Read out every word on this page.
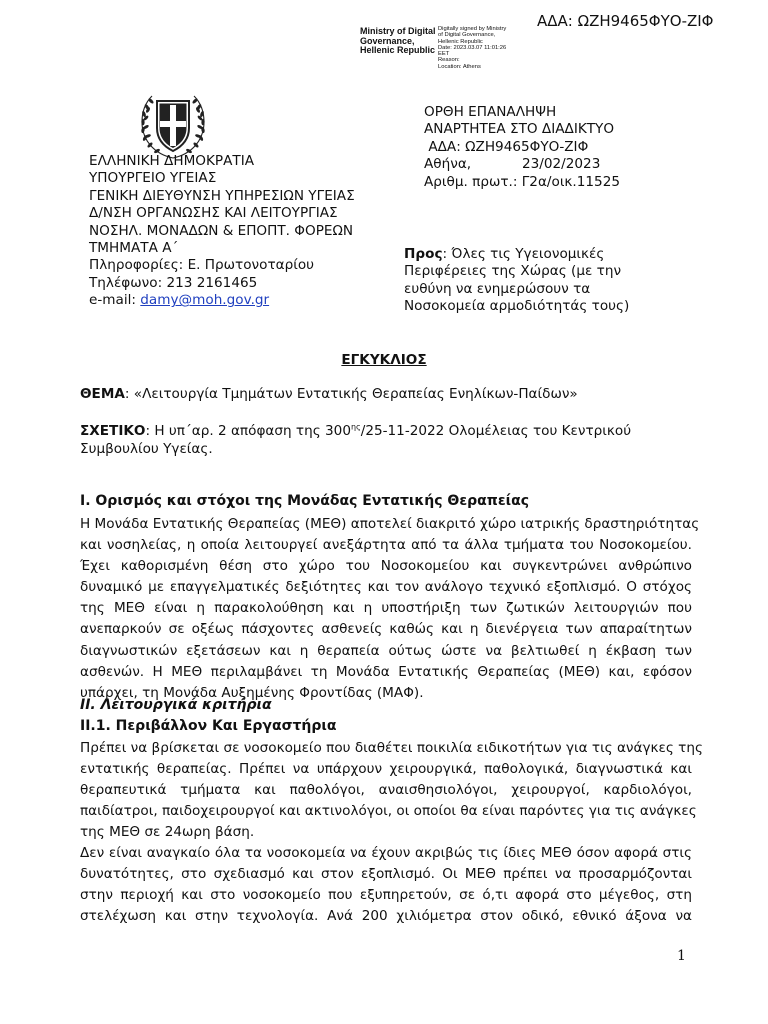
ΑΔΑ: ΩΖΗ9465ΦΥΟ-ΖΙΦ
Ministry of Digital
Governance,
Hellenic Republic
Digitally signed by Ministry
of Digital Governance,
Hellenic Republic
Date: 2023.03.07 11:01:26
EET
Reason:
Location: Athens
ΕΛΛΗΝΙΚΗ ΔΗΜΟΚΡΑΤΙΑ
ΥΠΟΥΡΓΕΙΟ ΥΓΕΙΑΣ
ΓΕΝΙΚΗ ΔΙΕΥΘΥΝΣΗ ΥΠΗΡΕΣΙΩΝ ΥΓΕΙΑΣ
Δ/ΝΣΗ ΟΡΓΑΝΩΣΗΣ ΚΑΙ ΛΕΙΤΟΥΡΓΙΑΣ
ΝΟΣΗΛ. ΜΟΝΑΔΩΝ & ΕΠΟΠΤ. ΦΟΡΕΩΝ
ΤΜΗΜΑΤΑ Α΄
Πληροφορίες: Ε. Πρωτονοταρίου
Τηλέφωνο: 213 2161465
e-mail: damy@moh.gov.gr
ΟΡΘΗ ΕΠΑΝΑΛΗΨΗ
ΑΝΑΡΤΗΤΕΑ ΣΤΟ ΔΙΑΔΙΚΤΥΟ
ΑΔΑ: ΩΖΗ9465ΦΥΟ-ΖΙΦ
Αθήνα,	23/02/2023
Αριθμ. πρωτ.: Γ2α/οικ.11525
Προς: Όλες τις Υγειονομικές
Περιφέρειες της Χώρας (με την
ευθύνη να ενημερώσουν τα
Νοσοκομεία αρμοδιότητάς τους)
ΕΓΚΥΚΛΙΟΣ
ΘΕΜΑ: «Λειτουργία Τμημάτων Εντατικής Θεραπείας Ενηλίκων-Παίδων»
ΣΧΕΤΙΚΟ: Η υπ΄αρ. 2 απόφαση της $300^{\eta\varsigma}/25-11-2022$ Ολομέλειας του Κεντρικού
Συμβουλίου Υγείας.
Ι. Ορισμός και στόχοι της Μονάδας Εντατικής Θεραπείας
Η Μονάδα Εντατικής Θεραπείας (ΜΕΘ) αποτελεί διακριτό χώρο ιατρικής δραστηριότητας
και νοσηλείας, η οποία λειτουργεί ανεξάρτητα από τα άλλα τμήματα του Νοσοκομείου.
Έχει καθορισμένη θέση στο χώρο του Νοσοκομείου και συγκεντρώνει ανθρώπινο
δυναμικό με επαγγελματικές δεξιότητες και τον ανάλογο τεχνικό εξοπλισμό. Ο στόχος
της ΜΕΘ είναι η παρακολούθηση και η υποστήριξη των ζωτικών λειτουργιών που
ανεπαρκούν σε οξέως πάσχοντες ασθενείς καθώς και η διενέργεια των απαραίτητων
διαγνωστικών εξετάσεων και η θεραπεία ούτως ώστε να βελτιωθεί η έκβαση των
ασθενών. Η ΜΕΘ περιλαμβάνει τη Μονάδα Εντατικής Θεραπείας (ΜΕΘ) και, εφόσον
υπάρχει, τη Μονάδα Αυξημένης Φροντίδας (ΜΑΦ).
ΙΙ. Λειτουργικά κριτήρια
ΙΙ.1. Περιβάλλον Και Εργαστήρια
Πρέπει να βρίσκεται σε νοσοκομείο που διαθέτει ποικιλία ειδικοτήτων για τις ανάγκες της
εντατικής θεραπείας. Πρέπει να υπάρχουν χειρουργικά, παθολογικά, διαγνωστικά και
θεραπευτικά τμήματα και παθολόγοι, αναισθησιολόγοι, χειρουργοί, καρδιολόγοι,
παιδίατροι, παιδοχειρουργοί και ακτινολόγοι, οι οποίοι θα είναι παρόντες για τις ανάγκες
της ΜΕΘ σε 24ωρη βάση.
Δεν είναι αναγκαίο όλα τα νοσοκομεία να έχουν ακριβώς τις ίδιες ΜΕΘ όσον αφορά στις
δυνατότητες, στο σχεδιασμό και στον εξοπλισμό. Οι ΜΕΘ πρέπει να προσαρμόζονται
στην περιοχή και στο νοσοκομείο που εξυπηρετούν, σε ό,τι αφορά στο μέγεθος, στη
στελέχωση και στην τεχνολογία. Ανά 200 χιλιόμετρα στον οδικό, εθνικό άξονα να
1
